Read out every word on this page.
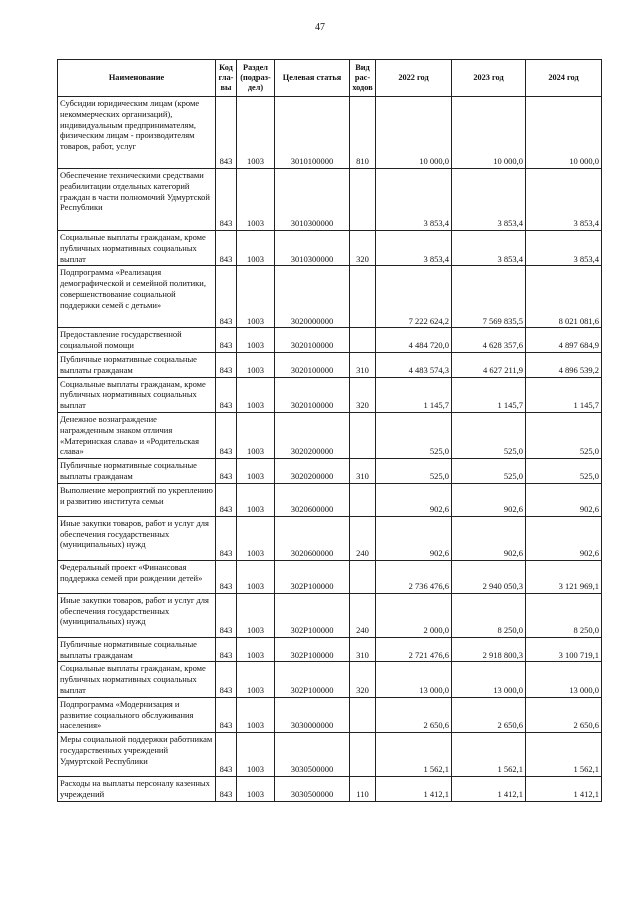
47
Наименование	Код гла- вы	Раздел (подраз- дел)	Целевая статья	Вид рас- ходов	2022 год	2023 год	2024 год
Субсидии юридическим лицам (кроме некоммерческих организаций), индивидуальным предпринимателям, физическим лицам - производителям товаров, работ, услуг	843	1003	3010100000	810	10 000,0	10 000,0	10 000,0
Обеспечение техническими средствами реабилитации отдельных категорий граждан в части полномочий Удмуртской Республики	843	1003	3010300000		3 853,4	3 853,4	3 853,4
Социальные выплаты гражданам, кроме публичных нормативных социальных выплат	843	1003	3010300000	320	3 853,4	3 853,4	3 853,4
Подпрограмма «Реализация демографической и семейной политики, совершенствование социальной поддержки семей с детьми»	843	1003	3020000000		7 222 624,2	7 569 835,5	8 021 081,6
Предоставление государственной социальной помощи	843	1003	3020100000		4 484 720,0	4 628 357,6	4 897 684,9
Публичные нормативные социальные выплаты гражданам	843	1003	3020100000	310	4 483 574,3	4 627 211,9	4 896 539,2
Социальные выплаты гражданам, кроме публичных нормативных социальных выплат	843	1003	3020100000	320	1 145,7	1 145,7	1 145,7
Денежное вознаграждение награжденным знаком отличия «Материнская слава» и «Родительская слава»	843	1003	3020200000		525,0	525,0	525,0
Публичные нормативные социальные выплаты гражданам	843	1003	3020200000	310	525,0	525,0	525,0
Выполнение мероприятий по укреплению и развитию института семьи	843	1003	3020600000		902,6	902,6	902,6
Иные закупки товаров, работ и услуг для обеспечения государственных (муниципальных) нужд	843	1003	3020600000	240	902,6	902,6	902,6
Федеральный проект «Финансовая поддержка семей при рождении детей»	843	1003	302P100000		2 736 476,6	2 940 050,3	3 121 969,1
Иные закупки товаров, работ и услуг для обеспечения государственных (муниципальных) нужд	843	1003	302P100000	240	2 000,0	8 250,0	8 250,0
Публичные нормативные социальные выплаты гражданам	843	1003	302P100000	310	2 721 476,6	2 918 800,3	3 100 719,1
Социальные выплаты гражданам, кроме публичных нормативных социальных выплат	843	1003	302P100000	320	13 000,0	13 000,0	13 000,0
Подпрограмма «Модернизация и развитие социального обслуживания населения»	843	1003	3030000000		2 650,6	2 650,6	2 650,6
Меры социальной поддержки работникам государственных учреждений Удмуртской Республики	843	1003	3030500000		1 562,1	1 562,1	1 562,1
Расходы на выплаты персоналу казенных учреждений	843	1003	3030500000	110	1 412,1	1 412,1	1 412,1
